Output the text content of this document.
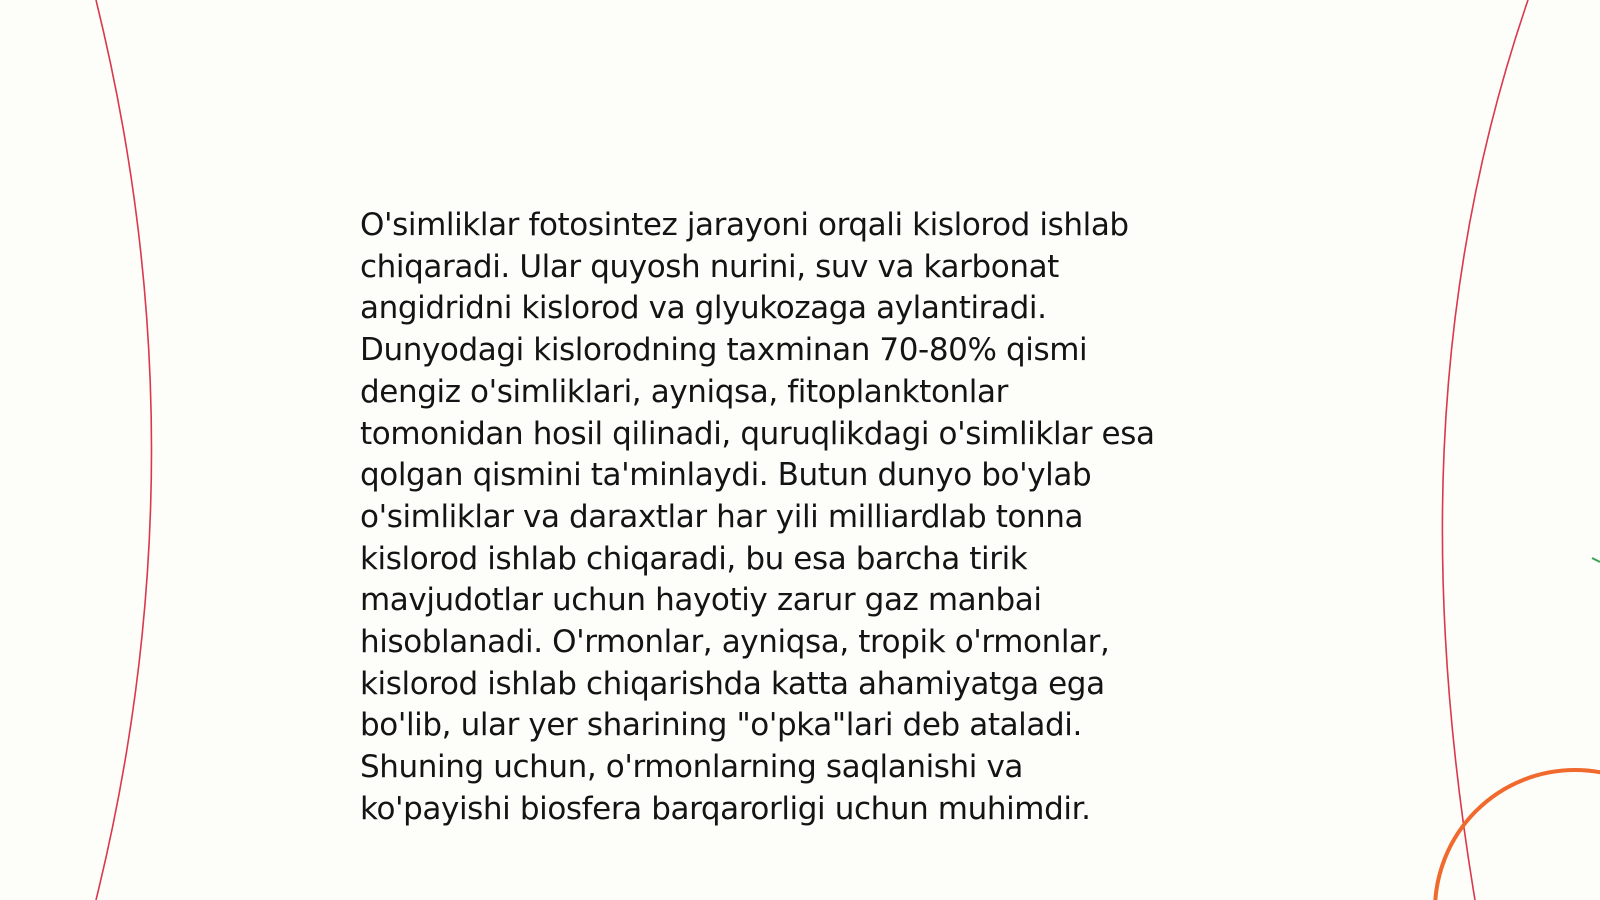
O'simliklar fotosintez jarayoni orqali kislorod ishlab
chiqaradi. Ular quyosh nurini, suv va karbonat
angidridni kislorod va glyukozaga aylantiradi.
Dunyodagi kislorodning taxminan 70-80% qismi
dengiz o'simliklari, ayniqsa, fitoplanktonlar
tomonidan hosil qilinadi, quruqlikdagi o'simliklar esa
qolgan qismini ta'minlaydi. Butun dunyo bo'ylab
o'simliklar va daraxtlar har yili milliardlab tonna
kislorod ishlab chiqaradi, bu esa barcha tirik
mavjudotlar uchun hayotiy zarur gaz manbai
hisoblanadi. O'rmonlar, ayniqsa, tropik o'rmonlar,
kislorod ishlab chiqarishda katta ahamiyatga ega
bo'lib, ular yer sharining "o'pka"lari deb ataladi.
Shuning uchun, o'rmonlarning saqlanishi va
ko'payishi biosfera barqarorligi uchun muhimdir.
